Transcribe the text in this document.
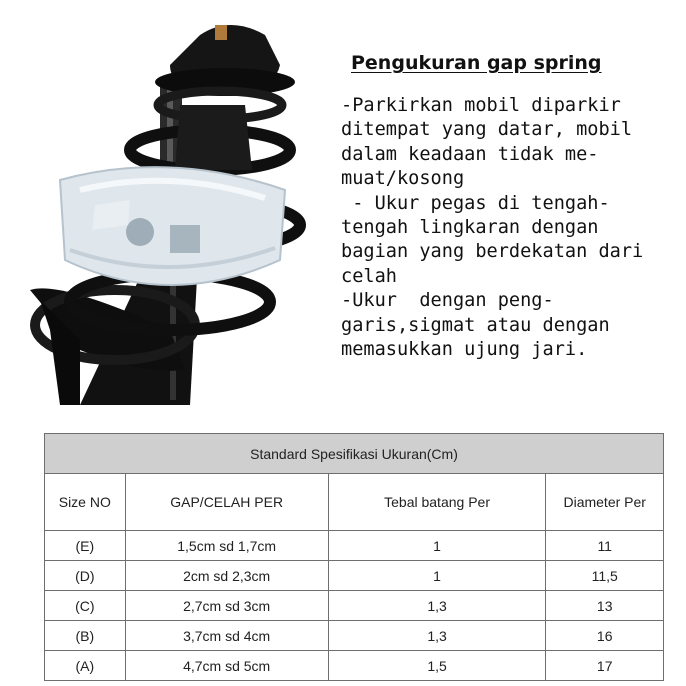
Pengukuran gap spring
-Parkirkan mobil diparkir
ditempat yang datar, mobil
dalam keadaan tidak me-
muat/kosong
- Ukur pegas di tengah-
tengah lingkaran dengan
bagian yang berdekatan dari
celah
-Ukur  dengan peng-
garis,sigmat atau dengan
memasukkan ujung jari.
Standard Spesifikasi Ukuran(Cm)			
Size NO	GAP/CELAH PER	Tebal batang Per	Diameter Per
(E)	1,5cm sd 1,7cm	1	11
(D)	2cm sd 2,3cm	1	11,5
(C)	2,7cm sd 3cm	1,3	13
(B)	3,7cm sd 4cm	1,3	16
(A)	4,7cm sd 5cm	1,5	17
